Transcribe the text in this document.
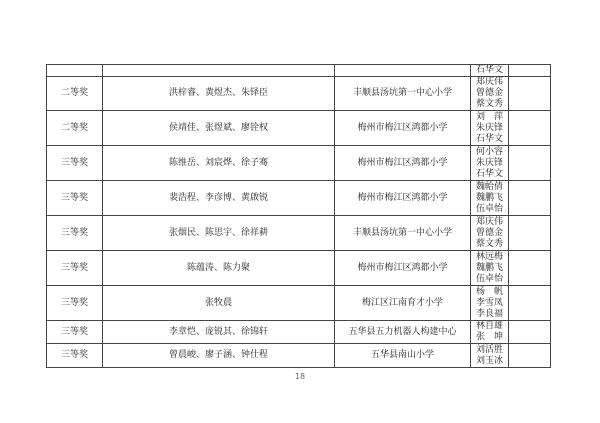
			石华文	

二等奖	洪梓睿、黄煜杰、朱铎臣	丰顺县汤坑第一中心小学	郑庆伟
曾德金
蔡文秀	

二等奖	侯靖佳、张煜斌、廖铨权	梅州市梅江区鸿都小学	刘　萍
朱庆锋
石华文	

三等奖	陈维岳、刘宸烨、徐子骞	梅州市梅江区鸿都小学	何小容
朱庆锋
石华文	

三等奖	裴浩程、李彦博、黄啟锐	梅州市梅江区鸿都小学	魏帢倩
魏鹏飞
伍卓怡	

三等奖	张烟民、陈思宇、徐祥耕	丰顺县汤坑第一中心小学	郑庆伟
曾德金
蔡文秀	

三等奖	陈蕴涛、陈力聚	梅州市梅江区鸿都小学	林远梅
魏鹏飞
伍卓怡	

三等奖	张牧晨	梅江区江南育才小学	杨　帆
李雪凤
李良福	

三等奖	李章恺、庞锐其、徐锦轩	五华县五力机器人构建中心	林自雄
张　坤	

三等奖	曾晨峻、廖子涵、钟仕程	五华县南山小学	刘活胜
刘玉冰	

18
